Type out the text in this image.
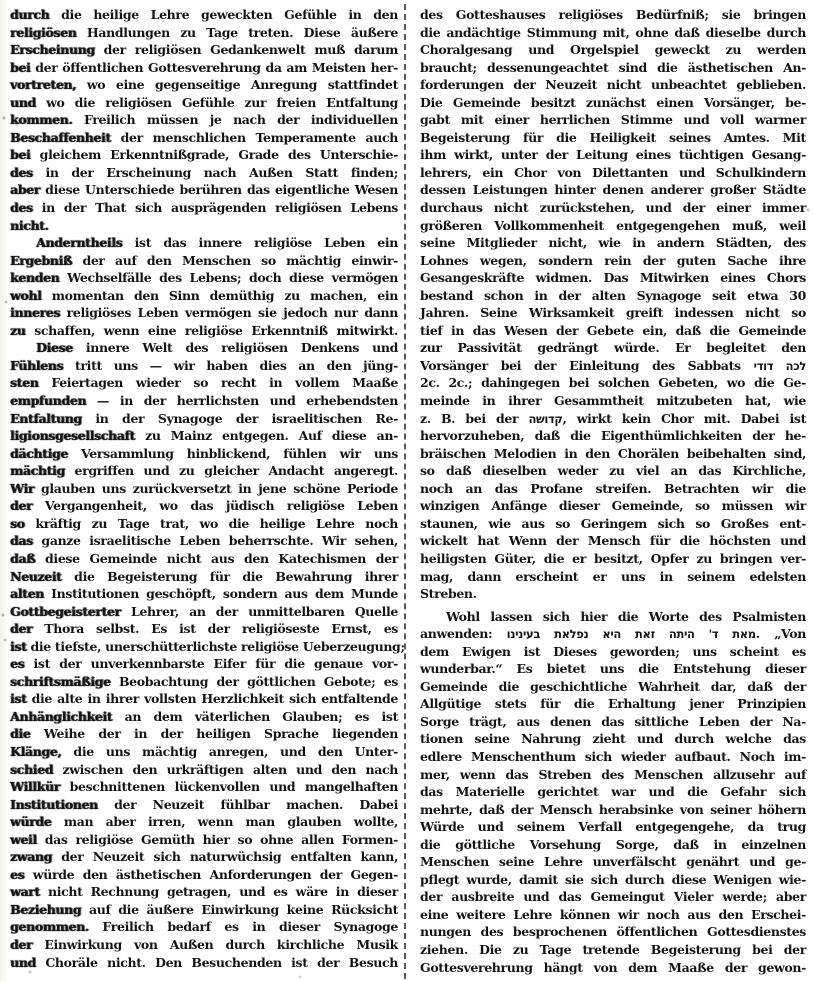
durch die heilige Lehre geweckten Gefühle in den
religiösen Handlungen zu Tage treten. Diese äußere
Erscheinung der religiösen Gedankenwelt muß darum
bei der öffentlichen Gottesverehrung da am Meisten her-
vortreten, wo eine gegenseitige Anregung stattfindet
und wo die religiösen Gefühle zur freien Entfaltung
kommen. Freilich müssen je nach der individuellen
Beschaffenheit der menschlichen Temperamente auch
bei gleichem Erkenntnißgrade, Grade des Unterschie-
des in der Erscheinung nach Außen Statt finden;
aber diese Unterschiede berühren das eigentliche Wesen
des in der That sich ausprägenden religiösen Lebens
nicht.
Anderntheils ist das innere religiöse Leben ein
Ergebniß der auf den Menschen so mächtig einwir-
kenden Wechselfälle des Lebens; doch diese vermögen
wohl momentan den Sinn demüthig zu machen, ein
inneres religiöses Leben vermögen sie jedoch nur dann
zu schaffen, wenn eine religiöse Erkenntniß mitwirkt.
Diese innere Welt des religiösen Denkens und
Fühlens tritt uns — wir haben dies an den jüng-
sten Feiertagen wieder so recht in vollem Maaße
empfunden — in der herrlichsten und erhebendsten
Entfaltung in der Synagoge der israelitischen Re-
ligionsgesellschaft zu Mainz entgegen. Auf diese an-
dächtige Versammlung hinblickend, fühlen wir uns
mächtig ergriffen und zu gleicher Andacht angeregt.
Wir glauben uns zurückversetzt in jene schöne Periode
der Vergangenheit, wo das jüdisch religiöse Leben
so kräftig zu Tage trat, wo die heilige Lehre noch
das ganze israelitische Leben beherrschte. Wir sehen,
daß diese Gemeinde nicht aus den Katechismen der
Neuzeit die Begeisterung für die Bewahrung ihrer
alten Institutionen geschöpft, sondern aus dem Munde
Gottbegeisterter Lehrer, an der unmittelbaren Quelle
der Thora selbst. Es ist der religiöseste Ernst, es
ist die tiefste, unerschütterlichste religiöse Ueberzeugung;
es ist der unverkennbarste Eifer für die genaue vor-
schriftsmäßige Beobachtung der göttlichen Gebote; es
ist die alte in ihrer vollsten Herzlichkeit sich entfaltende
Anhänglichkeit an dem väterlichen Glauben; es ist
die Weihe der in der heiligen Sprache liegenden
Klänge, die uns mächtig anregen, und den Unter-
schied zwischen den urkräftigen alten und den nach
Willkür beschnittenen lückenvollen und mangelhaften
Institutionen der Neuzeit fühlbar machen. Dabei
würde man aber irren, wenn man glauben wollte,
weil das religiöse Gemüth hier so ohne allen Formen-
zwang der Neuzeit sich naturwüchsig entfalten kann,
es würde den ästhetischen Anforderungen der Gegen-
wart nicht Rechnung getragen, und es wäre in dieser
Beziehung auf die äußere Einwirkung keine Rücksicht
genommen. Freilich bedarf es in dieser Synagoge
der Einwirkung von Außen durch kirchliche Musik
und Choräle nicht. Den Besuchenden ist der Besuch
des Gotteshauses religiöses Bedürfniß; sie bringen
die andächtige Stimmung mit, ohne daß dieselbe durch
Choralgesang und Orgelspiel geweckt zu werden
braucht; dessenungeachtet sind die ästhetischen An-
forderungen der Neuzeit nicht unbeachtet geblieben.
Die Gemeinde besitzt zunächst einen Vorsänger, be-
gabt mit einer herrlichen Stimme und voll warmer
Begeisterung für die Heiligkeit seines Amtes. Mit
ihm wirkt, unter der Leitung eines tüchtigen Gesang-
lehrers, ein Chor von Dilettanten und Schulkindern
dessen Leistungen hinter denen anderer großer Städte
durchaus nicht zurückstehen, und der einer immer
größeren Vollkommenheit entgegengehen muß, weil
seine Mitglieder nicht, wie in andern Städten, des
Lohnes wegen, sondern rein der guten Sache ihre
Gesangeskräfte widmen. Das Mitwirken eines Chors
bestand schon in der alten Synagoge seit etwa 30
Jahren. Seine Wirksamkeit greift indessen nicht so
tief in das Wesen der Gebete ein, daß die Gemeinde
zur Passivität gedrängt würde. Er begleitet den
Vorsänger bei der Einleitung des Sabbats לכה דודי
2c. 2c.; dahingegen bei solchen Gebeten, wo die Ge-
meinde in ihrer Gesammtheit mitzubeten hat, wie
z. B. bei der קדושה, wirkt kein Chor mit. Dabei ist
hervorzuheben, daß die Eigenthümlichkeiten der he-
bräischen Melodien in den Chorälen beibehalten sind,
so daß dieselben weder zu viel an das Kirchliche,
noch an das Profane streifen. Betrachten wir die
winzigen Anfänge dieser Gemeinde, so müssen wir
staunen, wie aus so Geringem sich so Großes ent-
wickelt hat Wenn der Mensch für die höchsten und
heiligsten Güter, die er besitzt, Opfer zu bringen ver-
mag, dann erscheint er uns in seinem edelsten
Streben.
Wohl lassen sich hier die Worte des Psalmisten
anwenden: מאת ד' היתה זאת היא נפלאת בעינינו. „Von
dem Ewigen ist Dieses geworden; uns scheint es
wunderbar.“ Es bietet uns die Entstehung dieser
Gemeinde die geschichtliche Wahrheit dar, daß der
Allgütige stets für die Erhaltung jener Prinzipien
Sorge trägt, aus denen das sittliche Leben der Na-
tionen seine Nahrung zieht und durch welche das
edlere Menschenthum sich wieder aufbaut. Noch im-
mer, wenn das Streben des Menschen allzusehr auf
das Materielle gerichtet war und die Gefahr sich
mehrte, daß der Mensch herabsinke von seiner höhern
Würde und seinem Verfall entgegengehe, da trug
die göttliche Vorsehung Sorge, daß in einzelnen
Menschen seine Lehre unverfälscht genährt und ge-
pflegt wurde, damit sie sich durch diese Wenigen wie-
der ausbreite und das Gemeingut Vieler werde; aber
eine weitere Lehre können wir noch aus den Erschei-
nungen des besprochenen öffentlichen Gottesdienstes
ziehen. Die zu Tage tretende Begeisterung bei der
Gottesverehrung hängt von dem Maaße der gewon-
